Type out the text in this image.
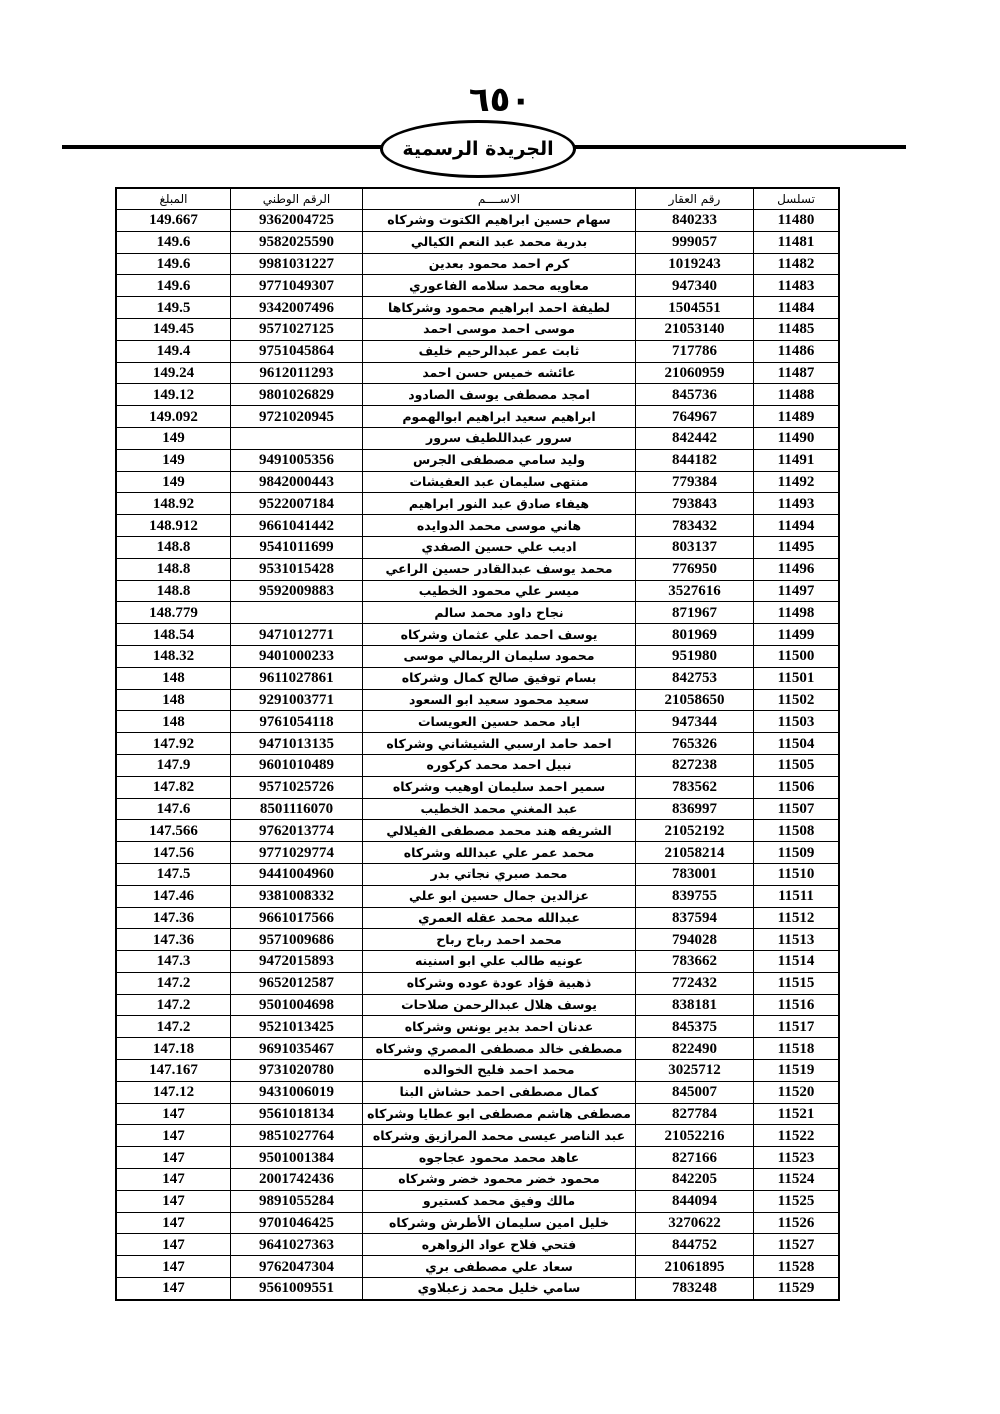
٦٥٠
الجريدة الرسمية
تسلسل	رقم العقار	الاســــم	الرقم الوطني	المبلغ
11480	840233	سهام حسين ابراهيم الكتوت وشركاه	9362004725	149.667
11481	999057	بدرية محمد عبد النعم الكيالي	9582025590	149.6
11482	1019243	كرم احمد محمود بعدين	9981031227	149.6
11483	947340	معاويه محمد سلامه الفاعوري	9771049307	149.6
11484	1504551	لطيفة احمد ابراهيم محمود وشركاها	9342007496	149.5
11485	21053140	موسى احمد موسى احمد	9571027125	149.45
11486	717786	ثابت عمر عبدالرحيم خليف	9751045864	149.4
11487	21060959	عائشه خميس حسن احمد	9612011293	149.24
11488	845736	امجد مصطفى يوسف الصادود	9801026829	149.12
11489	764967	ابراهيم سعيد ابراهيم ابوالهموم	9721020945	149.092
11490	842442	سرور عبداللطيف سرور		149
11491	844182	وليد سامي مصطفى الجرس	9491005356	149
11492	779384	منتهى سليمان عبد العفيشات	9842000443	149
11493	793843	هيفاء صادق عبد النور ابراهيم	9522007184	148.92
11494	783432	هاني موسى محمد الدوايده	9661041442	148.912
11495	803137	اديب علي حسين الصفدي	9541011699	148.8
11496	776950	محمد يوسف عبدالقادر حسين الراعي	9531015428	148.8
11497	3527616	ميسر علي محمود الخطيب	9592009883	148.8
11498	871967	نجاح داود محمد سالم		148.779
11499	801969	يوسف احمد علي عثمان وشركاه	9471012771	148.54
11500	951980	محمود سليمان الريمالي موسى	9401000233	148.32
11501	842753	بسام توفيق صالح كمال وشركاه	9611027861	148
11502	21058650	سعيد محمود سعيد ابو السعود	9291003771	148
11503	947344	اياد محمد حسين العويسات	9761054118	148
11504	765326	احمد حامد ارسبي الشيشاني وشركاه	9471013135	147.92
11505	827238	نبيل احمد محمد كركوره	9601010489	147.9
11506	783562	سمير احمد سليمان اوهيب وشركاه	9571025726	147.82
11507	836997	عبد المغني محمد الخطيب	8501116070	147.6
11508	21052192	الشريفه هند محمد مصطفى الفيلالي	9762013774	147.566
11509	21058214	محمد عمر علي عبدالله وشركاه	9771029774	147.56
11510	783001	محمد صبري نجاتي بدر	9441004960	147.5
11511	839755	عزالدين جمال حسين ابو علي	9381008332	147.46
11512	837594	عبدالله محمد عقله العمري	9661017566	147.36
11513	794028	محمد احمد رباح رباح	9571009686	147.36
11514	783662	عونيه طالب علي ابو اسنينه	9472015893	147.3
11515	772432	ذهبية فؤاد عودة عوده وشركاه	9652012587	147.2
11516	838181	يوسف هلال عبدالرحمن صلاحات	9501004698	147.2
11517	845375	عدنان احمد بدير يونس وشركاه	9521013425	147.2
11518	822490	مصطفى خالد مصطفى المصري وشركاه	9691035467	147.18
11519	3025712	محمد احمد فليح الخوالده	9731020780	147.167
11520	845007	كمال مصطفى احمد حشاش البنا	9431006019	147.12
11521	827784	مصطفى هاشم مصطفى ابو عطايا وشركاه	9561018134	147
11522	21052216	عبد الناصر عيسى محمد المرازيق وشركاه	9851027764	147
11523	827166	عاهد محمد محمود عجاجوه	9501001384	147
11524	842205	محمود خضر محمود خضر وشركاه	2001742436	147
11525	844094	مالك وفيق محمد كستيرو	9891055284	147
11526	3270622	خليل امين سليمان الأطرش وشركاه	9701046425	147
11527	844752	فتحي فلاح عواد الزواهره	9641027363	147
11528	21061895	سعاد علي مصطفى بري	9762047304	147
11529	783248	سامي خليل محمد زعبلاوي	9561009551	147
